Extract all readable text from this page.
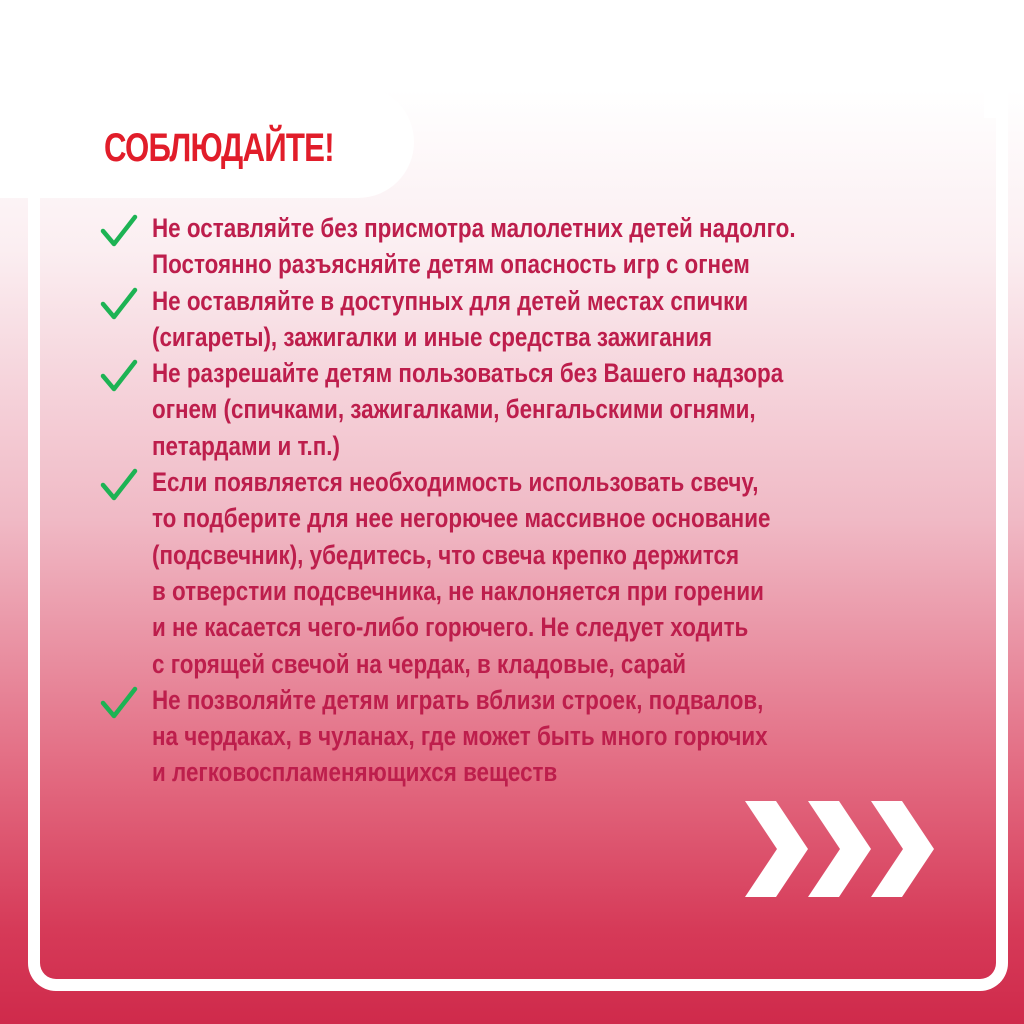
СОБЛЮДАЙТЕ!
Не оставляйте без присмотра малолетних детей надолго.
Постоянно разъясняйте детям опасность игр с огнем
Не оставляйте в доступных для детей местах спички
(сигареты), зажигалки и иные средства зажигания
Не разрешайте детям пользоваться без Вашего надзора
огнем (спичками, зажигалками, бенгальскими огнями,
петардами и т.п.)
Если появляется необходимость использовать свечу,
то подберите для нее негорючее массивное основание
(подсвечник), убедитесь, что свеча крепко держится
в отверстии подсвечника, не наклоняется при горении
и не касается чего-либо горючего. Не следует ходить
с горящей свечой на чердак, в кладовые, сарай
Не позволяйте детям играть вблизи строек, подвалов,
на чердаках, в чуланах, где может быть много горючих
и легковоспламеняющихся веществ
